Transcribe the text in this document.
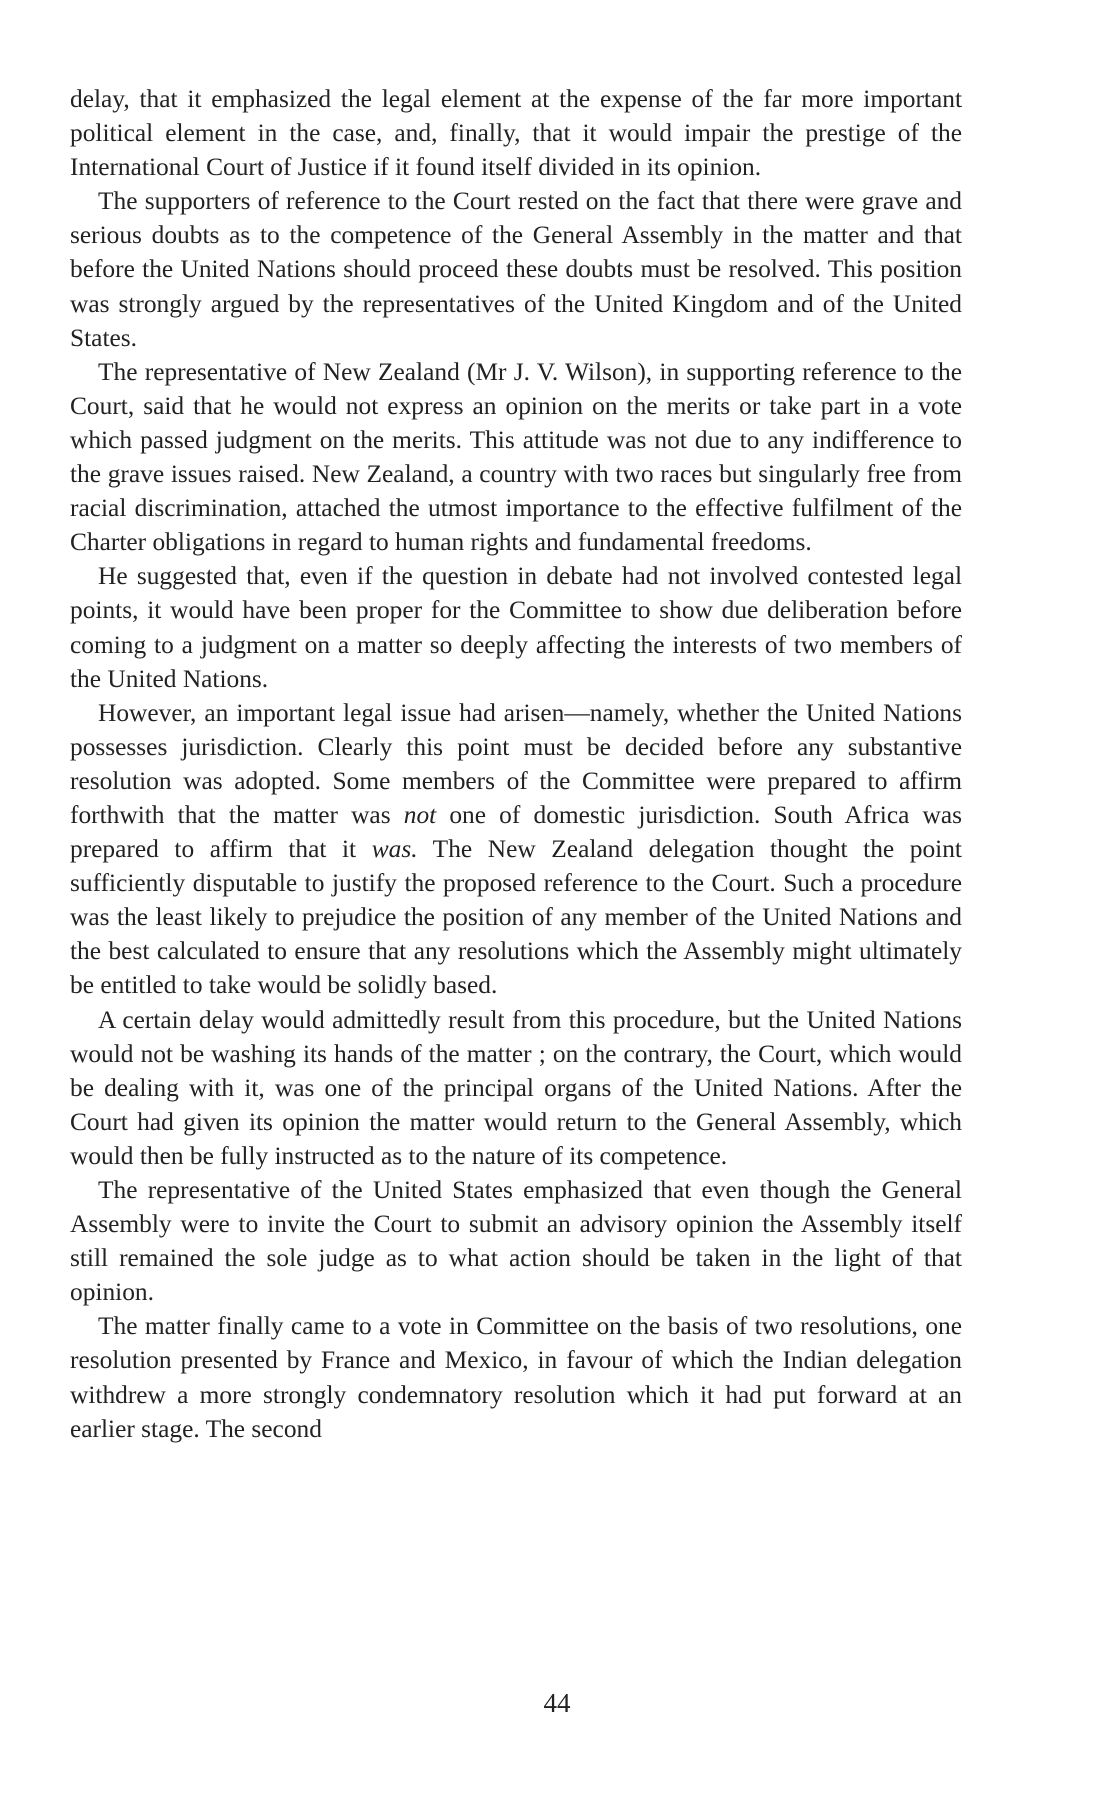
delay, that it emphasized the legal element at the expense of the far more important political element in the case, and, finally, that it would impair the prestige of the International Court of Justice if it found itself divided in its opinion.

The supporters of reference to the Court rested on the fact that there were grave and serious doubts as to the competence of the General Assembly in the matter and that before the United Nations should proceed these doubts must be resolved. This position was strongly argued by the representatives of the United Kingdom and of the United States.

The representative of New Zealand (Mr J. V. Wilson), in supporting reference to the Court, said that he would not express an opinion on the merits or take part in a vote which passed judgment on the merits. This attitude was not due to any indifference to the grave issues raised. New Zealand, a country with two races but singularly free from racial discrimination, attached the utmost importance to the effective fulfilment of the Charter obligations in regard to human rights and fundamental freedoms.

He suggested that, even if the question in debate had not involved contested legal points, it would have been proper for the Committee to show due deliberation before coming to a judgment on a matter so deeply affecting the interests of two members of the United Nations.

However, an important legal issue had arisen—namely, whether the United Nations possesses jurisdiction. Clearly this point must be decided before any substantive resolution was adopted. Some members of the Committee were prepared to affirm forthwith that the matter was not one of domestic jurisdiction. South Africa was prepared to affirm that it was. The New Zealand delegation thought the point sufficiently disputable to justify the proposed reference to the Court. Such a procedure was the least likely to prejudice the position of any member of the United Nations and the best calculated to ensure that any resolutions which the Assembly might ultimately be entitled to take would be solidly based.

A certain delay would admittedly result from this procedure, but the United Nations would not be washing its hands of the matter ; on the contrary, the Court, which would be dealing with it, was one of the principal organs of the United Nations. After the Court had given its opinion the matter would return to the General Assembly, which would then be fully instructed as to the nature of its competence.

The representative of the United States emphasized that even though the General Assembly were to invite the Court to submit an advisory opinion the Assembly itself still remained the sole judge as to what action should be taken in the light of that opinion.

The matter finally came to a vote in Committee on the basis of two resolutions, one resolution presented by France and Mexico, in favour of which the Indian delegation withdrew a more strongly condemnatory resolution which it had put forward at an earlier stage. The second

44
